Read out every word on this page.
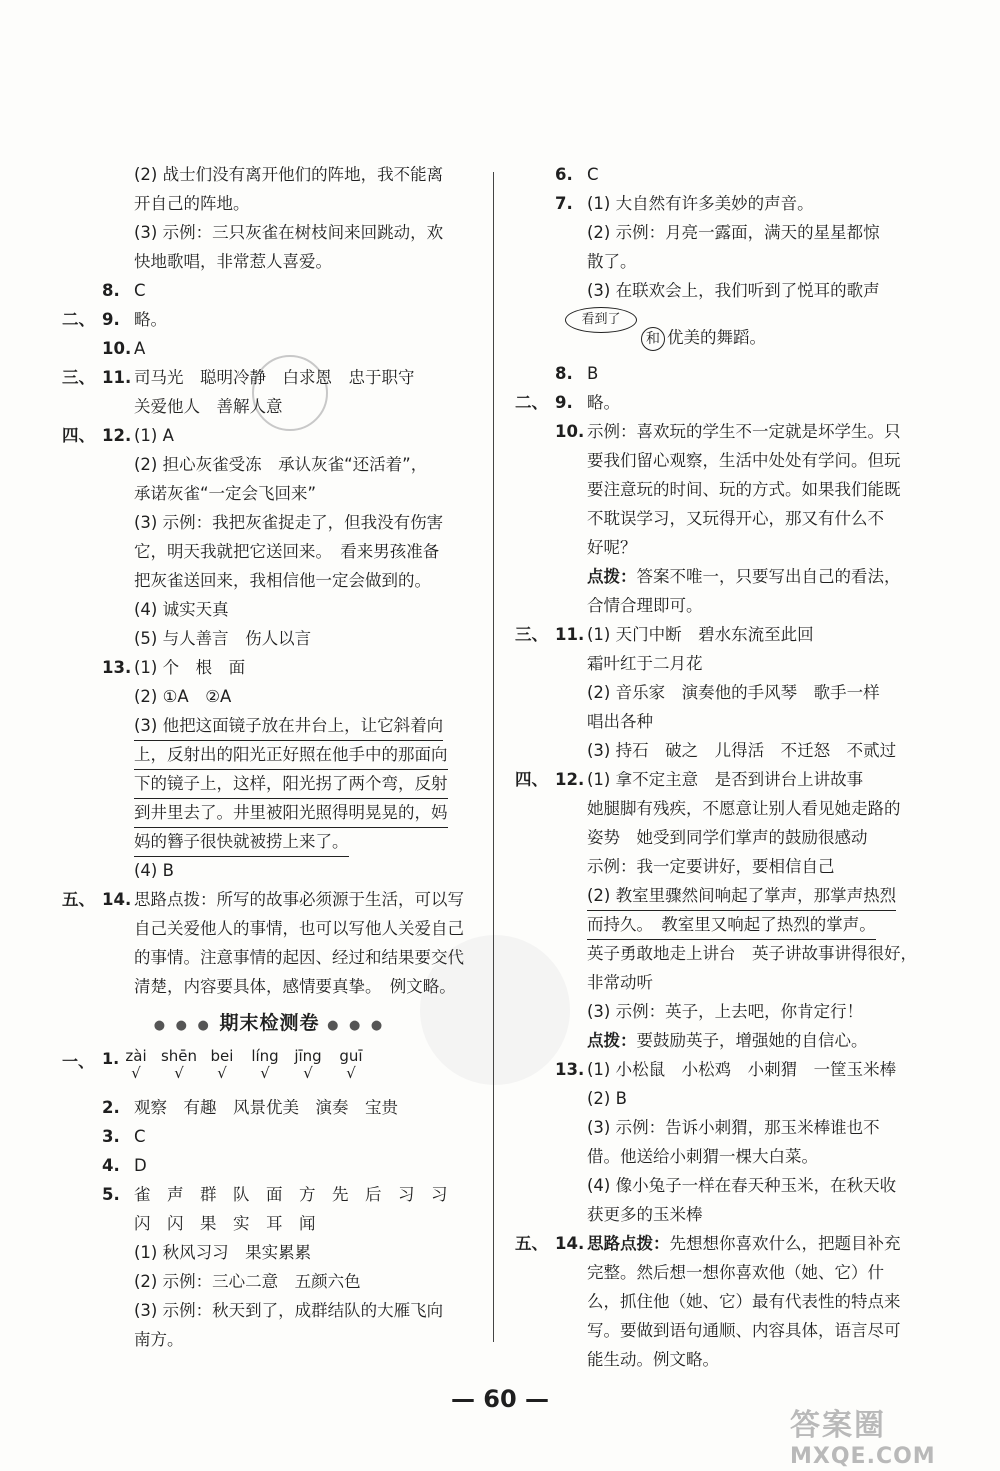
(2) 战士们没有离开他们的阵地，我不能离
开自己的阵地。
(3) 示例：三只灰雀在树枝间来回跳动，欢
快地歌唱，非常惹人喜爱。
8. C
二、 9. 略。
10. A
三、 11. 司马光　聪明冷静　白求恩　忠于职守
关爱他人　善解人意
四、 12. (1) A
(2) 担心灰雀受冻　承认灰雀“还活着”，
承诺灰雀“一定会飞回来”
(3) 示例：我把灰雀捉走了，但我没有伤害
它，明天我就把它送回来。　看来男孩准备
把灰雀送回来，我相信他一定会做到的。
(4) 诚实天真
(5) 与人善言　伤人以言
13. (1) 个　根　面
(2) ①A　②A
(3) 他把这面镜子放在井台上，让它斜着向
上，反射出的阳光正好照在他手中的那面向
下的镜子上，这样，阳光拐了两个弯，反射
到井里去了。井里被阳光照得明晃晃的，妈
妈的簪子很快就被捞上来了。
(4) B
五、 14. 思路点拨：所写的故事必须源于生活，可以写
自己关爱他人的事情，也可以写他人关爱自己
的事情。注意事情的起因、经过和结果要交代
清楚，内容要具体，感情要真挚。　例文略。
● ● ● 期末检测卷 ● ● ●
一、 1. zài
√
shēn
√
bei
√
líng
√
jīng
√
guī
√
2. 观察　有趣　风景优美　演奏　宝贵
3. C
4. D
5. 雀　声　群　队　面　方　先　后　习　习
闪　闪　果　实　耳　闻
(1) 秋风习习　果实累累
(2) 示例：三心二意　五颜六色
(3) 示例：秋天到了，成群结队的大雁飞向
南方。
6. C
7. (1) 大自然有许多美妙的声音。
(2) 示例：月亮一露面，满天的星星都惊
散了。
(3) 在联欢会上，我们听到了悦耳的歌声
看到了
和 优美的舞蹈。
8. B
二、 9. 略。
10. 示例：喜欢玩的学生不一定就是坏学生。只
要我们留心观察，生活中处处有学问。但玩
要注意玩的时间、玩的方式。如果我们能既
不耽误学习，又玩得开心，那又有什么不
好呢？
点拨：答案不唯一，只要写出自己的看法，
合情合理即可。
三、 11. (1) 天门中断　碧水东流至此回
霜叶红于二月花
(2) 音乐家　演奏他的手风琴　歌手一样
唱出各种
(3) 持石　破之　儿得活　不迁怒　不贰过
四、 12. (1) 拿不定主意　是否到讲台上讲故事
她腿脚有残疾，不愿意让别人看见她走路的
姿势　她受到同学们掌声的鼓励很感动
示例：我一定要讲好，要相信自己
(2) 教室里骤然间响起了掌声，那掌声热烈
而持久。　教室里又响起了热烈的掌声。
英子勇敢地走上讲台　英子讲故事讲得很好，
非常动听
(3) 示例：英子，上去吧，你肯定行！
点拨：要鼓励英子，增强她的自信心。
13. (1) 小松鼠　小松鸡　小刺猬　一筐玉米棒
(2) B
(3) 示例：告诉小刺猬，那玉米棒谁也不
借。他送给小刺猬一棵大白菜。
(4) 像小兔子一样在春天种玉米，在秋天收
获更多的玉米棒
五、 14. 思路点拨：先想想你喜欢什么，把题目补充
完整。然后想一想你喜欢他（她、它）什
么，抓住他（她、它）最有代表性的特点来
写。要做到语句通顺、内容具体，语言尽可
能生动。例文略。
— 60 —
答案圈
MXQE.COM
